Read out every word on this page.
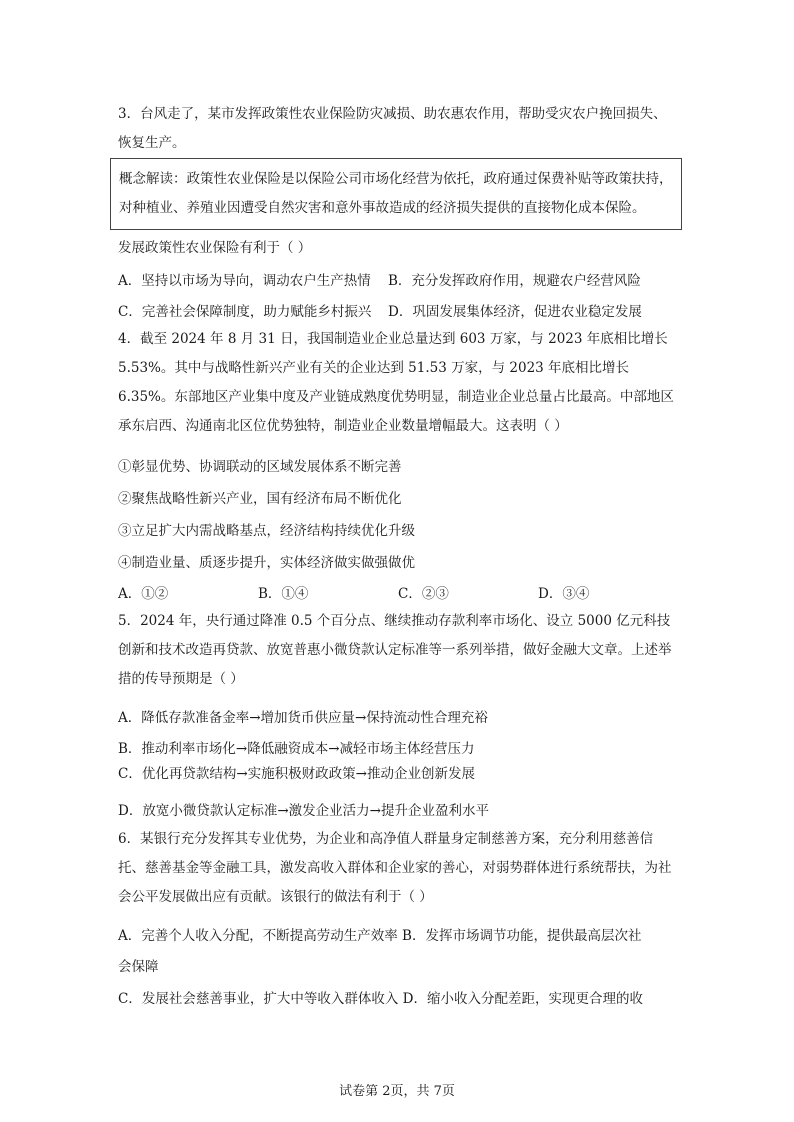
3．台风走了，某市发挥政策性农业保险防灾减损、助农惠农作用，帮助受灾农户挽回损失、恢复生产。

概念解读：政策性农业保险是以保险公司市场化经营为依托，政府通过保费补贴等政策扶持，

对种植业、养殖业因遭受自然灾害和意外事故造成的经济损失提供的直接物化成本保险。

发展政策性农业保险有利于（ ）

A．坚持以市场为导向，调动农户生产热情 B．充分发挥政府作用，规避农户经营风险
C．完善社会保障制度，助力赋能乡村振兴 D．巩固发展集体经济，促进农业稳定发展

4．截至 2024 年 8 月 31 日，我国制造业企业总量达到 603 万家，与 2023 年底相比增长 5.53%。其中与战略性新兴产业有关的企业达到 51.53 万家，与 2023 年底相比增长 6.35%。东部地区产业集中度及产业链成熟度优势明显，制造业企业总量占比最高。中部地区承东启西、沟通南北区位优势独特，制造业企业数量增幅最大。这表明（ ）

①彰显优势、协调联动的区域发展体系不断完善

②聚焦战略性新兴产业，国有经济布局不断优化

③立足扩大内需战略基点，经济结构持续优化升级

④制造业量、质逐步提升，实体经济做实做强做优

A．①②	B．①④	C．②③	D．③④

5．2024 年，央行通过降准 0.5 个百分点、继续推动存款利率市场化、设立 5000 亿元科技创新和技术改造再贷款、放宽普惠小微贷款认定标准等一系列举措，做好金融大文章。上述举措的传导预期是（ ）

A．降低存款准备金率→增加货币供应量→保持流动性合理充裕

B．推动利率市场化→降低融资成本→减轻市场主体经营压力

C．优化再贷款结构→实施积极财政政策→推动企业创新发展

D．放宽小微贷款认定标准→激发企业活力→提升企业盈利水平

6．某银行充分发挥其专业优势，为企业和高净值人群量身定制慈善方案，充分利用慈善信托、慈善基金等金融工具，激发高收入群体和企业家的善心，对弱势群体进行系统帮扶，为社会公平发展做出应有贡献。该银行的做法有利于（ ）

A．完善个人收入分配，不断提高劳动生产效率 B．发挥市场调节功能，提供最高层次社

会保障

C．发展社会慈善事业，扩大中等收入群体收入 D．缩小收入分配差距，实现更合理的收

试卷第 2页，共 7页
